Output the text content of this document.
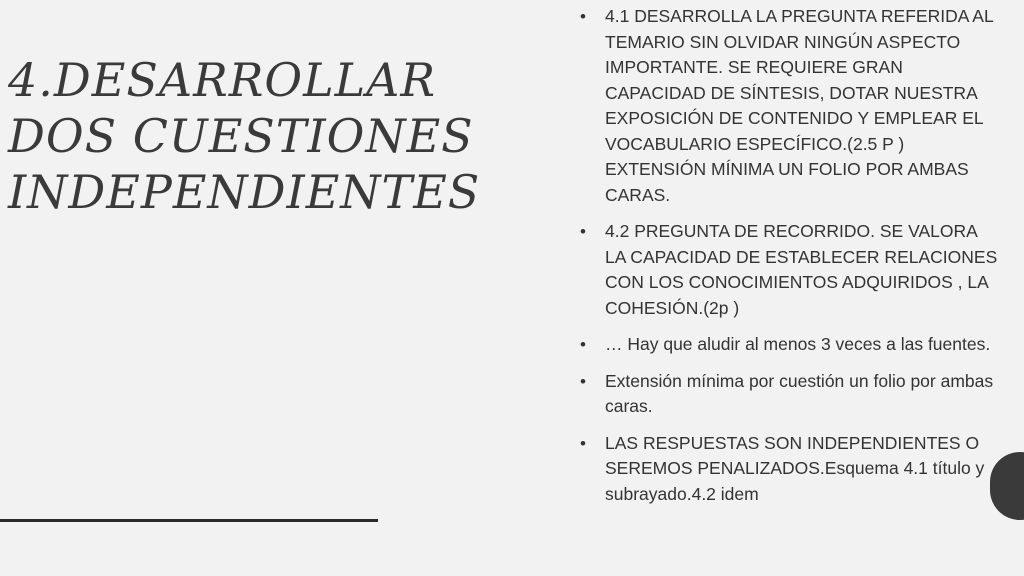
4.DESARROLLAR DOS CUESTIONES INDEPENDIENTES
•	4.1 DESARROLLA LA PREGUNTA REFERIDA AL TEMARIO SIN OLVIDAR NINGÚN ASPECTO IMPORTANTE. SE REQUIERE GRAN CAPACIDAD DE SÍNTESIS, DOTAR NUESTRA EXPOSICIÓN DE CONTENIDO Y EMPLEAR EL VOCABULARIO ESPECÍFICO.(2.5 P ) EXTENSIÓN MÍNIMA UN FOLIO POR AMBAS CARAS.
•	4.2 PREGUNTA DE RECORRIDO. SE VALORA LA CAPACIDAD DE ESTABLECER RELACIONES CON LOS CONOCIMIENTOS ADQUIRIDOS , LA COHESIÓN.(2p )
•	… Hay que aludir al menos 3 veces a las fuentes.
•	Extensión mínima por cuestión un folio por ambas caras.
•	LAS RESPUESTAS SON INDEPENDIENTES O SEREMOS PENALIZADOS.Esquema 4.1 título y subrayado.4.2 idem
